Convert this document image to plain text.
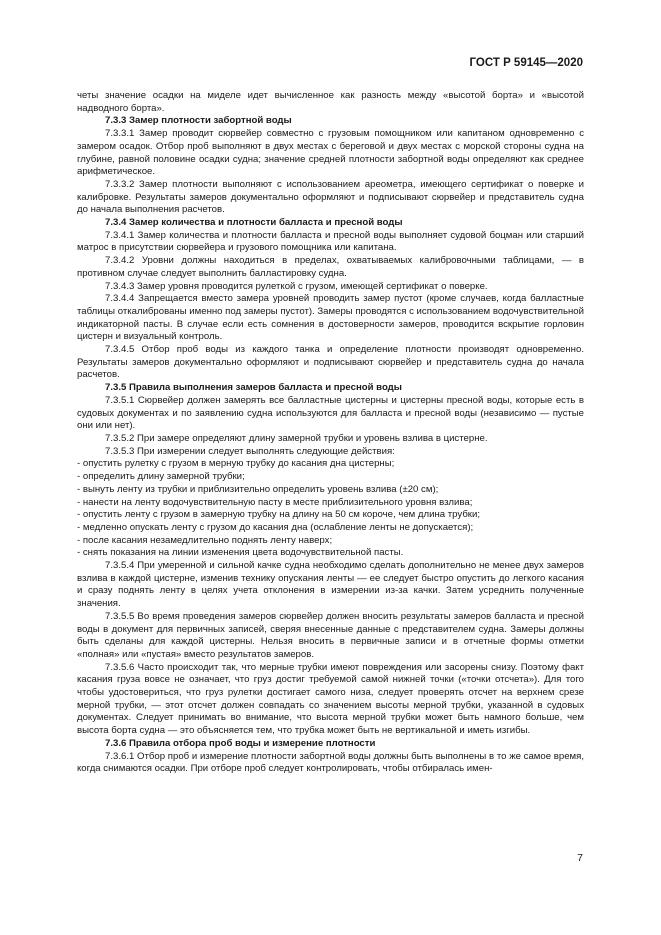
ГОСТ Р 59145—2020

четы значение осадки на миделе идет вычисленное как разность между «высотой борта» и «высотой надводного борта».

7.3.3 Замер плотности забортной воды

7.3.3.1 Замер проводит сюрвейер совместно с грузовым помощником или капитаном одновременно с замером осадок. Отбор проб выполняют в двух местах с береговой и двух местах с морской стороны судна на глубине, равной половине осадки судна; значение средней плотности забортной воды определяют как среднее арифметическое.

7.3.3.2 Замер плотности выполняют с использованием ареометра, имеющего сертификат о поверке и калибровке. Результаты замеров документально оформляют и подписывают сюрвейер и представитель судна до начала выполнения расчетов.

7.3.4 Замер количества и плотности балласта и пресной воды

7.3.4.1 Замер количества и плотности балласта и пресной воды выполняет судовой боцман или старший матрос в присутствии сюрвейера и грузового помощника или капитана.

7.3.4.2 Уровни должны находиться в пределах, охватываемых калибровочными таблицами, — в противном случае следует выполнить балластировку судна.

7.3.4.3 Замер уровня проводится рулеткой с грузом, имеющей сертификат о поверке.

7.3.4.4 Запрещается вместо замера уровней проводить замер пустот (кроме случаев, когда балластные таблицы откалиброваны именно под замеры пустот). Замеры проводятся с использованием водочувствительной индикаторной пасты. В случае если есть сомнения в достоверности замеров, проводится вскрытие горловин цистерн и визуальный контроль.

7.3.4.5 Отбор проб воды из каждого танка и определение плотности производят одновременно. Результаты замеров документально оформляют и подписывают сюрвейер и представитель судна до начала расчетов.

7.3.5 Правила выполнения замеров балласта и пресной воды

7.3.5.1 Сюрвейер должен замерять все балластные цистерны и цистерны пресной воды, которые есть в судовых документах и по заявлению судна используются для балласта и пресной воды (независимо — пустые они или нет).

7.3.5.2 При замере определяют длину замерной трубки и уровень взлива в цистерне.

7.3.5.3 При измерении следует выполнять следующие действия:

- опустить рулетку с грузом в мерную трубку до касания дна цистерны;

- определить длину замерной трубки;

- вынуть ленту из трубки и приблизительно определить уровень взлива (±20 см);

- нанести на ленту водочувствительную пасту в месте приблизительного уровня взлива;

- опустить ленту с грузом в замерную трубку на длину на 50 см короче, чем длина трубки;

- медленно опускать ленту с грузом до касания дна (ослабление ленты не допускается);

- после касания незамедлительно поднять ленту наверх;

- снять показания на линии изменения цвета водочувствительной пасты.

7.3.5.4 При умеренной и сильной качке судна необходимо сделать дополнительно не менее двух замеров взлива в каждой цистерне, изменив технику опускания ленты — ее следует быстро опустить до легкого касания и сразу поднять ленту в целях учета отклонения в измерении из-за качки. Затем усреднить полученные значения.

7.3.5.5 Во время проведения замеров сюрвейер должен вносить результаты замеров балласта и пресной воды в документ для первичных записей, сверяя внесенные данные с представителем судна. Замеры должны быть сделаны для каждой цистерны. Нельзя вносить в первичные записи и в отчетные формы отметки «полная» или «пустая» вместо результатов замеров.

7.3.5.6 Часто происходит так, что мерные трубки имеют повреждения или засорены снизу. Поэтому факт касания груза вовсе не означает, что груз достиг требуемой самой нижней точки («точки отсчета»). Для того чтобы удостовериться, что груз рулетки достигает самого низа, следует проверять отсчет на верхнем срезе мерной трубки, — этот отсчет должен совпадать со значением высоты мерной трубки, указанной в судовых документах. Следует принимать во внимание, что высота мерной трубки может быть намного больше, чем высота борта судна — это объясняется тем, что трубка может быть не вертикальной и иметь изгибы.

7.3.6 Правила отбора проб воды и измерение плотности

7.3.6.1 Отбор проб и измерение плотности забортной воды должны быть выполнены в то же самое время, когда снимаются осадки. При отборе проб следует контролировать, чтобы отбиралась имен-

7
